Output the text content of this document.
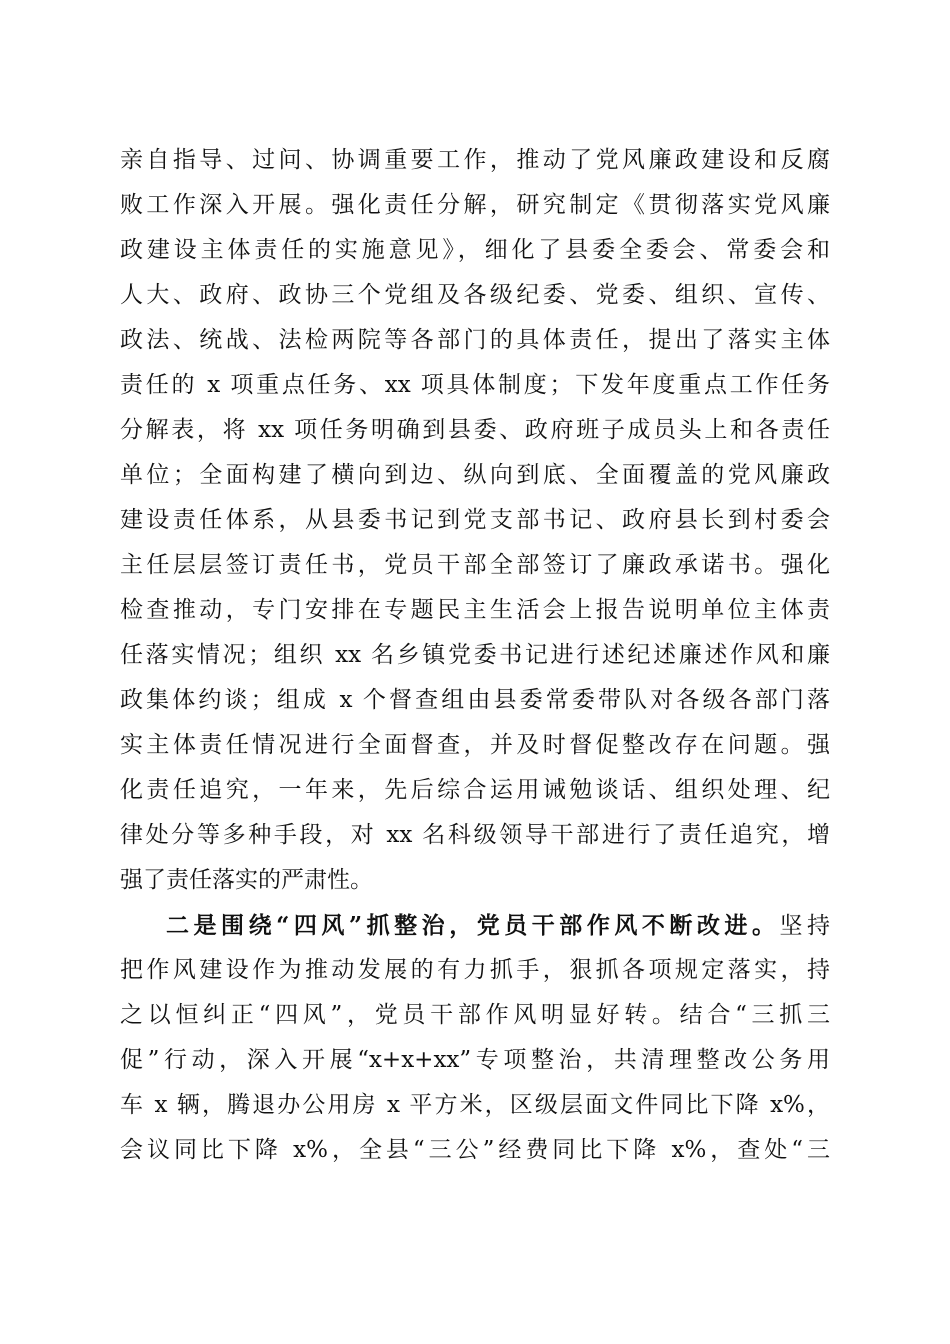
亲自指导、过问、协调重要工作，推动了党风廉政建设和反腐
败工作深入开展。强化责任分解，研究制定《贯彻落实党风廉
政建设主体责任的实施意见》，细化了县委全委会、常委会和
人大、政府、政协三个党组及各级纪委、党委、组织、宣传、
政法、统战、法检两院等各部门的具体责任，提出了落实主体
责任的 x 项重点任务、xx 项具体制度；下发年度重点工作任务
分解表，将 xx 项任务明确到县委、政府班子成员头上和各责任
单位；全面构建了横向到边、纵向到底、全面覆盖的党风廉政
建设责任体系，从县委书记到党支部书记、政府县长到村委会
主任层层签订责任书，党员干部全部签订了廉政承诺书。强化
检查推动，专门安排在专题民主生活会上报告说明单位主体责
任落实情况；组织 xx 名乡镇党委书记进行述纪述廉述作风和廉
政集体约谈；组成 x 个督查组由县委常委带队对各级各部门落
实主体责任情况进行全面督查，并及时督促整改存在问题。强
化责任追究，一年来，先后综合运用诫勉谈话、组织处理、纪
律处分等多种手段，对 xx 名科级领导干部进行了责任追究，增
强了责任落实的严肃性。
二是围绕“四风”抓整治，党员干部作风不断改进。坚持
把作风建设作为推动发展的有力抓手，狠抓各项规定落实，持
之以恒纠正“四风”，党员干部作风明显好转。结合“三抓三
促”行动，深入开展“x+x+xx”专项整治，共清理整改公务用
车 x 辆，腾退办公用房 x 平方米，区级层面文件同比下降 x%，
会议同比下降 x%，全县“三公”经费同比下降 x%，查处“三
